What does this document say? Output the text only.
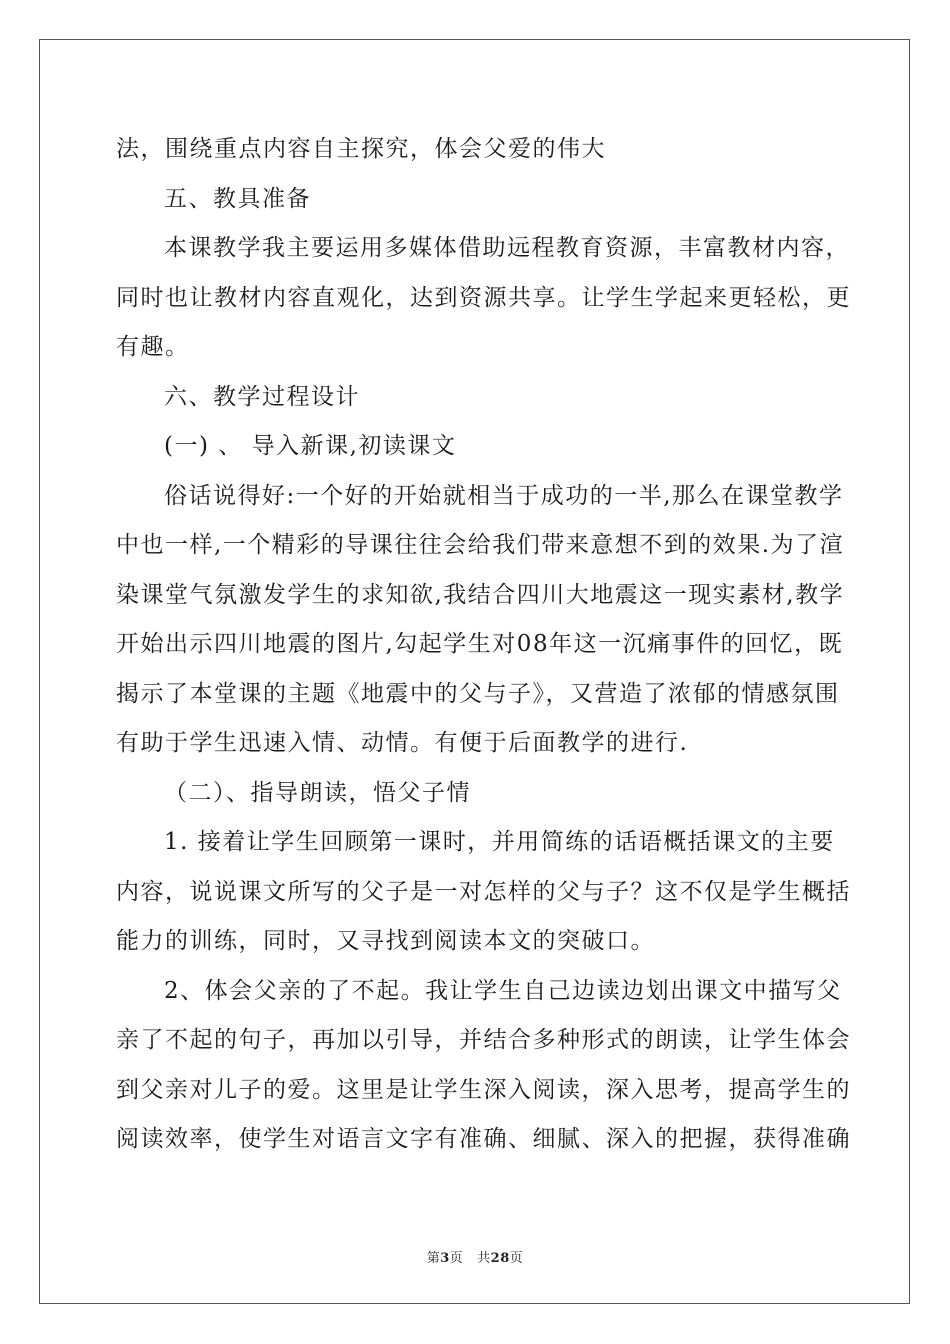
法，围绕重点内容自主探究，体会父爱的伟大
五、教具准备
本课教学我主要运用多媒体借助远程教育资源，丰富教材内容，
同时也让教材内容直观化，达到资源共享。让学生学起来更轻松，更
有趣。
六、教学过程设计
(一) 、 导入新课,初读课文
俗话说得好:一个好的开始就相当于成功的一半,那么在课堂教学
中也一样,一个精彩的导课往往会给我们带来意想不到的效果.为了渲
染课堂气氛激发学生的求知欲,我结合四川大地震这一现实素材,教学
开始出示四川地震的图片,勾起学生对08年这一沉痛事件的回忆，既
揭示了本堂课的主题《地震中的父与子》，又营造了浓郁的情感氛围
有助于学生迅速入情、动情。有便于后面教学的进行.
（二）、指导朗读，悟父子情
1. 接着让学生回顾第一课时，并用简练的话语概括课文的主要
内容，说说课文所写的父子是一对怎样的父与子？这不仅是学生概括
能力的训练，同时，又寻找到阅读本文的突破口。
2、体会父亲的了不起。我让学生自己边读边划出课文中描写父
亲了不起的句子，再加以引导，并结合多种形式的朗读，让学生体会
到父亲对儿子的爱。这里是让学生深入阅读，深入思考，提高学生的
阅读效率，使学生对语言文字有准确、细腻、深入的把握，获得准确
第3页   共28页
